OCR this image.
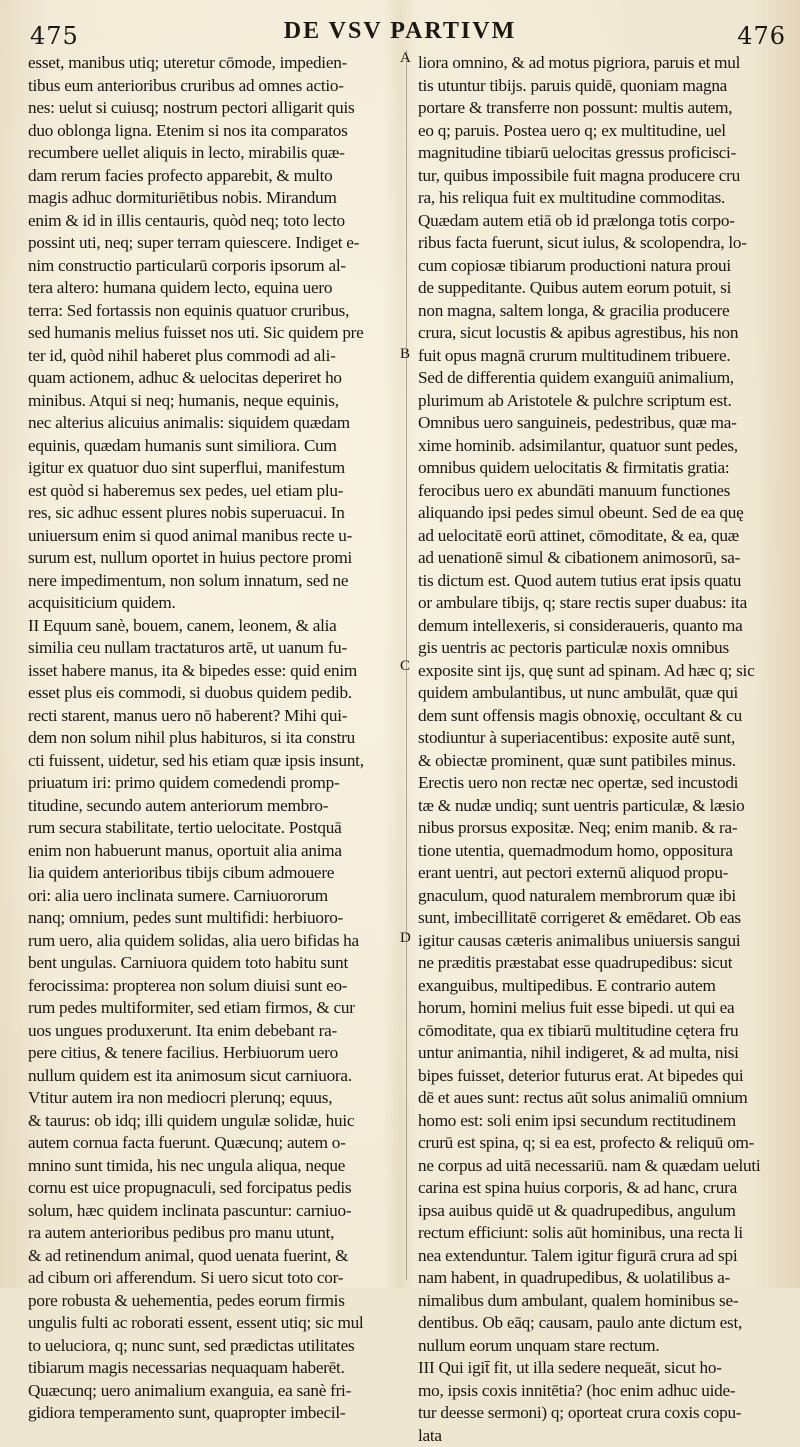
475	DE VSV PARTIVM	476
A
B
C
D
esset, manibus utiq; uteretur cōmode, impedien-
tibus eum anterioribus cruribus ad omnes actio-
nes: uelut si cuiusq; nostrum pectori alligarit quis
duo oblonga ligna. Etenim si nos ita comparatos
recumbere uellet aliquis in lecto, mirabilis quæ-
dam rerum facies profecto apparebit, & multo
magis adhuc dormituriētibus nobis. Mirandum
enim & id in illis centauris, quòd neq; toto lecto
possint uti, neq; super terram quiescere. Indiget e-
nim constructio particularū corporis ipsorum al-
tera altero: humana quidem lecto, equina uero
terra: Sed fortassis non equinis quatuor cruribus,
sed humanis melius fuisset nos uti. Sic quidem pre
ter id, quòd nihil haberet plus commodi ad ali-
quam actionem, adhuc & uelocitas deperiret ho
minibus. Atqui si neq; humanis, neque equinis,
nec alterius alicuius animalis: siquidem quædam
equinis, quædam humanis sunt similiora. Cum
igitur ex quatuor duo sint superflui, manifestum
est quòd si haberemus sex pedes, uel etiam plu-
res, sic adhuc essent plures nobis superuacui. In
uniuersum enim si quod animal manibus recte u-
surum est, nullum oportet in huius pectore promi
nere impedimentum, non solum innatum, sed ne
acquisiticium quidem.
II Equum sanè, bouem, canem, leonem, & alia
similia ceu nullam tractaturos artē, ut uanum fu-
isset habere manus, ita & bipedes esse: quid enim
esset plus eis commodi, si duobus quidem pedib.
recti starent, manus uero nō haberent? Mihi qui-
dem non solum nihil plus habituros, si ita constru
cti fuissent, uidetur, sed his etiam quæ ipsis insunt,
priuatum iri: primo quidem comedendi promp-
titudine, secundo autem anteriorum membro-
rum secura stabilitate, tertio uelocitate. Postquā
enim non habuerunt manus, oportuit alia anima
lia quidem anterioribus tibijs cibum admouere
ori: alia uero inclinata sumere. Carniuororum
nanq; omnium, pedes sunt multifidi: herbiuoro-
rum uero, alia quidem solidas, alia uero bifidas ha
bent ungulas. Carniuora quidem toto habitu sunt
ferocissima: propterea non solum diuisi sunt eo-
rum pedes multiformiter, sed etiam firmos, & cur
uos ungues produxerunt. Ita enim debebant ra-
pere citius, & tenere facilius. Herbiuorum uero
nullum quidem est ita animosum sicut carniuora.
Vtitur autem ira non mediocri plerunq; equus,
& taurus: ob idq; illi quidem ungulæ solidæ, huic
autem cornua facta fuerunt. Quæcunq; autem o-
mnino sunt timida, his nec ungula aliqua, neque
cornu est uice propugnaculi, sed forcipatus pedis
solum, hæc quidem inclinata pascuntur: carniuo-
ra autem anterioribus pedibus pro manu utunt,
& ad retinendum animal, quod uenata fuerint, &
ad cibum ori afferendum. Si uero sicut toto cor-
pore robusta & uehementia, pedes eorum firmis
ungulis fulti ac roborati essent, essent utiq; sic mul
to ueluciora, q; nunc sunt, sed prædictas utilitates
tibiarum magis necessarias nequaquam haberēt.
Quæcunq; uero animalium exanguia, ea sanè fri-
gidiora temperamento sunt, quapropter imbecil-
liora omnino, & ad motus pigriora, paruis et mul
tis utuntur tibijs. paruis quidē, quoniam magna
portare & transferre non possunt: multis autem,
eo q; paruis. Postea uero q; ex multitudine, uel
magnitudine tibiarū uelocitas gressus proficisci-
tur, quibus impossibile fuit magna producere cru
ra, his reliqua fuit ex multitudine commoditas.
Quædam autem etiā ob id prælonga totis corpo-
ribus facta fuerunt, sicut iulus, & scolopendra, lo-
cum copiosæ tibiarum productioni natura proui
de suppeditante. Quibus autem eorum potuit, si
non magna, saltem longa, & gracilia producere
crura, sicut locustis & apibus agrestibus, his non
fuit opus magnā crurum multitudinem tribuere.
Sed de differentia quidem exanguiū animalium,
plurimum ab Aristotele & pulchre scriptum est.
Omnibus uero sanguineis, pedestribus, quæ ma-
xime hominib. adsimilantur, quatuor sunt pedes,
omnibus quidem uelocitatis & firmitatis gratia:
ferocibus uero ex abundāti manuum functiones
aliquando ipsi pedes simul obeunt. Sed de ea quę
ad uelocitatē eorū attinet, cōmoditate, & ea, quæ
ad uenationē simul & cibationem animosorū, sa-
tis dictum est. Quod autem tutius erat ipsis quatu
or ambulare tibijs, q; stare rectis super duabus: ita
demum intellexeris, si consideraueris, quanto ma
gis uentris ac pectoris particulæ noxis omnibus
exposite sint ijs, quę sunt ad spinam. Ad hæc q; sic
quidem ambulantibus, ut nunc ambulāt, quæ qui
dem sunt offensis magis obnoxię, occultant & cu
stodiuntur à superiacentibus: exposite autē sunt,
& obiectæ prominent, quæ sunt patibiles minus.
Erectis uero non rectæ nec opertæ, sed incustodi
tæ & nudæ undiq; sunt uentris particulæ, & læsio
nibus prorsus expositæ. Neq; enim manib. & ra-
tione utentia, quemadmodum homo, oppositura
erant uentri, aut pectori externū aliquod propu-
gnaculum, quod naturalem membrorum quæ ibi
sunt, imbecillitatē corrigeret & emēdaret. Ob eas
igitur causas cæteris animalibus uniuersis sangui
ne præditis præstabat esse quadrupedibus: sicut
exanguibus, multipedibus. E contrario autem
horum, homini melius fuit esse bipedi. ut qui ea
cōmoditate, qua ex tibiarū multitudine cętera fru
untur animantia, nihil indigeret, & ad multa, nisi
bipes fuisset, deterior futurus erat. At bipedes qui
dē et aues sunt: rectus aūt solus animaliū omnium
homo est: soli enim ipsi secundum rectitudinem
crurū est spina, q; si ea est, profecto & reliquū om-
ne corpus ad uitā necessariū. nam & quædam ueluti
carina est spina huius corporis, & ad hanc, crura
ipsa auibus quidē ut & quadrupedibus, angulum
rectum efficiunt: solis aūt hominibus, una recta li
nea extenduntur. Talem igitur figurā crura ad spi
nam habent, in quadrupedibus, & uolatilibus a-
nimalibus dum ambulant, qualem hominibus se-
dentibus. Ob eāq; causam, paulo ante dictum est,
nullum eorum unquam stare rectum.
III Qui igit̄ fit, ut illa sedere nequeāt, sicut ho-
mo, ipsis coxis innitētia? (hoc enim adhuc uide-
tur deesse sermoni) q; oporteat crura coxis copu-
lata
